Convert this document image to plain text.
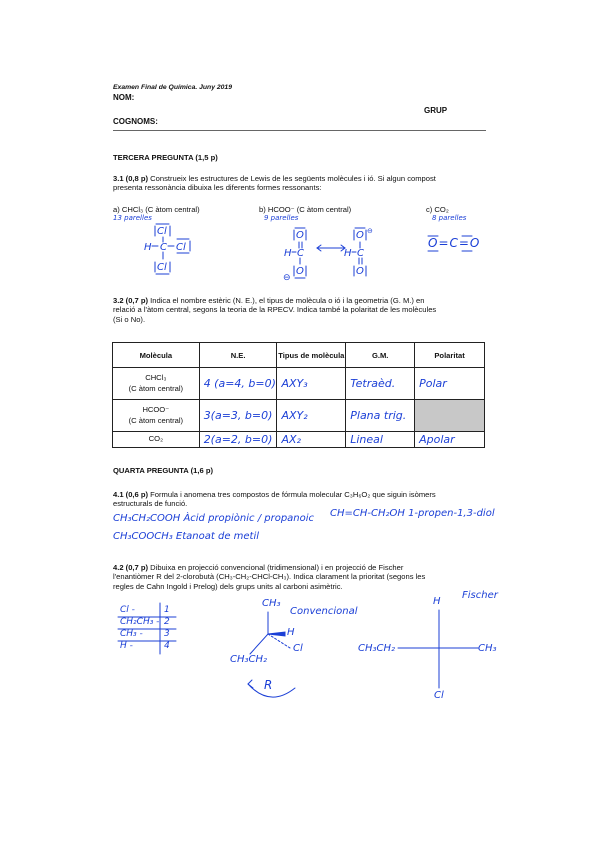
Examen Final de Química. Juny 2019
NOM:
GRUP
COGNOMS:
TERCERA PREGUNTA (1,5 p)
3.1 (0,8 p) Construeix les estructures de Lewis de les següents molècules i ió. Si algun compost
presenta ressonància dibuixa les diferents formes ressonants:
a) CHCl₃ (C àtom central)	b) HCOO⁻ (C àtom central)	c) CO₂
13 parelles	9 parelles	8 parelles
O=C=O
Cl
H C Cl
Cl
O
H C
O
⊖
O ⊖
H C
O
3.2 (0,7 p) Indica el nombre estèric (N. E.), el tipus de molècula o ió i la geometria (G. M.) en
relació a l'àtom central, segons la teoria de la RPECV. Indica també la polaritat de les molècules
(Si o No).
Molècula	N.E.	Tipus de molècula	G.M.	Polaritat
CHCl₃
(C àtom central)	4 (a=4, b=0)	AXY₃	Tetraèd.	Polar
HCOO⁻
(C àtom central)	3(a=3, b=0)	AXY₂	Plana trig.	
CO₂	2(a=2, b=0)	AX₂	Lineal	Apolar
QUARTA PREGUNTA (1,6 p)
4.1 (0,6 p) Formula i anomena tres compostos de fórmula molecular C₃H₆O₂ que siguin isòmers
estructurals de funció.
CH₃CH₂COOH Àcid propiònic / propanoic
CH₃COOCH₃ Etanoat de metil
CH=CH-CH₂OH 1-propen-1,3-diol
4.2 (0,7 p) Dibuixa en projecció convencional (tridimensional) i en projecció de Fischer
l'enantiòmer R del 2-clorobutà (CH₃-CH₂-CHCl-CH₃). Indica clarament la prioritat (segons les
regles de Cahn Ingold i Prelog) dels grups units al carboni asimètric.
Cl -	1
CH₂CH₃ - 2
CH₃ - 3
H -	4
Convencional
Fischer
CH₃
H
Cl
CH₃CH₂
R
H
CH₃CH₂	CH₃
Cl
